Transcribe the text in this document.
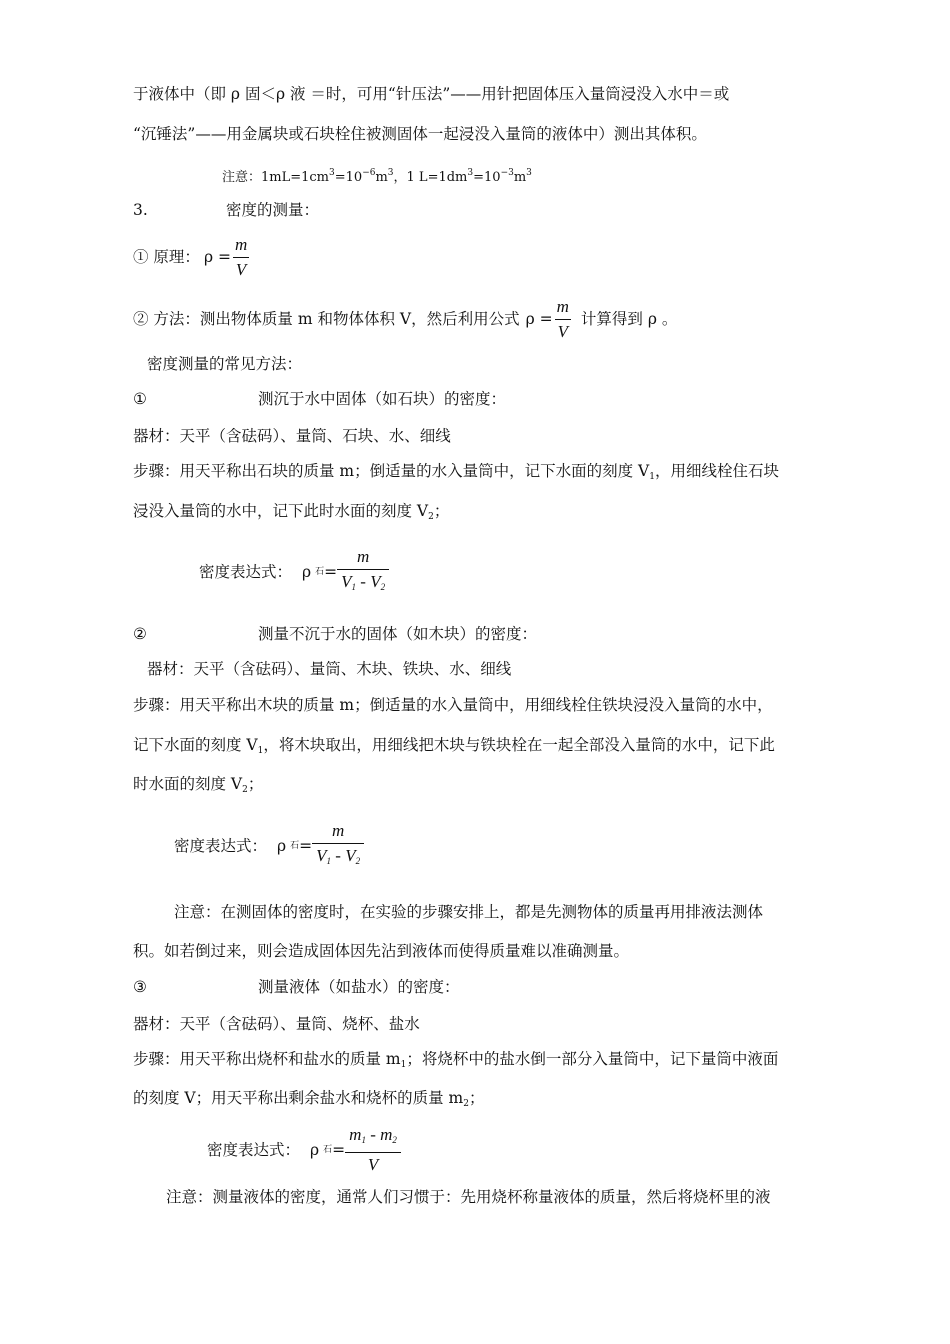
于液体中（即 ρ 固＜ρ 液 ＝时，可用“针压法”——用针把固体压入量筒浸没入水中＝或
“沉锤法”——用金属块或石块栓住被测固体一起浸没入量筒的液体中）测出其体积。
注意：$1mL=1cm^3=10^{-6}m^3$，1 $L=1dm^3=10^{-3}m^3$
3.	密度的测量：
① 原理： $\rho = \frac{m}{V}$
② 方法：测出物体质量 m 和物体体积 V，然后利用公式 $\rho = \frac{m}{V}$ 计算得到 ρ 。
密度测量的常见方法：
①	测沉于水中固体（如石块）的密度：
器材：天平（含砝码）、量筒、石块、水、细线
步骤：用天平称出石块的质量 m；倒适量的水入量筒中，记下水面的刻度 $V_1$，用细线栓住石块
浸没入量筒的水中，记下此时水面的刻度 $V_2$；
密度表达式： ρ 石 = $\frac{m}{V_1 - V_2}$
②	测量不沉于水的固体（如木块）的密度：
器材：天平（含砝码）、量筒、木块、铁块、水、细线
步骤：用天平称出木块的质量 m；倒适量的水入量筒中，用细线栓住铁块浸没入量筒的水中，
记下水面的刻度 $V_1$，将木块取出，用细线把木块与铁块栓在一起全部没入量筒的水中，记下此
时水面的刻度 $V_2$；
密度表达式： ρ 石 = $\frac{m}{V_1 - V_2}$
注意：在测固体的密度时，在实验的步骤安排上，都是先测物体的质量再用排液法测体
积。如若倒过来，则会造成固体因先沾到液体而使得质量难以准确测量。
③	测量液体（如盐水）的密度：
器材：天平（含砝码）、量筒、烧杯、盐水
步骤：用天平称出烧杯和盐水的质量 $m_1$；将烧杯中的盐水倒一部分入量筒中，记下量筒中液面
的刻度 V；用天平称出剩余盐水和烧杯的质量 $m_2$；
密度表达式： ρ 石 = $\frac{m_1 - m_2}{V}$
注意：测量液体的密度，通常人们习惯于：先用烧杯称量液体的质量，然后将烧杯里的液
